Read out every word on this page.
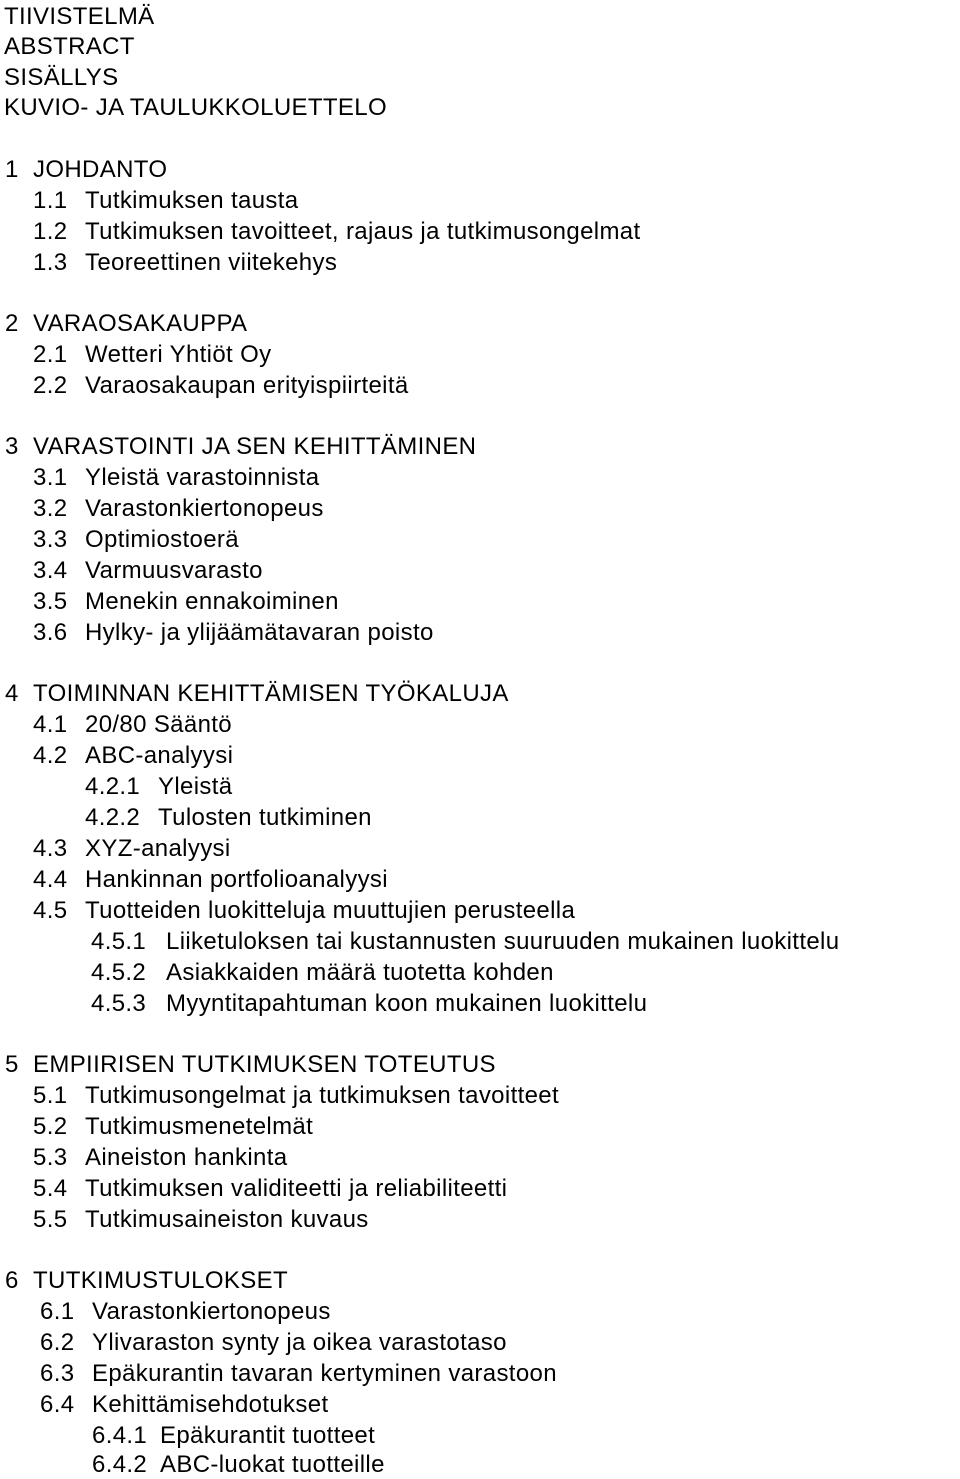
TIIVISTELMÄ
ABSTRACT
SISÄLLYS
KUVIO- JA TAULUKKOLUETTELO
1 JOHDANTO
1.1 Tutkimuksen tausta
1.2 Tutkimuksen tavoitteet, rajaus ja tutkimusongelmat
1.3 Teoreettinen viitekehys
2 VARAOSAKAUPPA
2.1 Wetteri Yhtiöt Oy
2.2 Varaosakaupan erityispiirteitä
3 VARASTOINTI JA SEN KEHITTÄMINEN
3.1 Yleistä varastoinnista
3.2 Varastonkiertonopeus
3.3 Optimiostoerä
3.4 Varmuusvarasto
3.5 Menekin ennakoiminen
3.6 Hylky- ja ylijäämätavaran poisto
4 TOIMINNAN KEHITTÄMISEN TYÖKALUJA
4.1 20/80 Sääntö
4.2 ABC-analyysi
4.2.1 Yleistä
4.2.2 Tulosten tutkiminen
4.3 XYZ-analyysi
4.4 Hankinnan portfolioanalyysi
4.5 Tuotteiden luokitteluja muuttujien perusteella
4.5.1 Liiketuloksen tai kustannusten suuruuden mukainen luokittelu
4.5.2 Asiakkaiden määrä tuotetta kohden
4.5.3 Myyntitapahtuman koon mukainen luokittelu
5 EMPIIRISEN TUTKIMUKSEN TOTEUTUS
5.1 Tutkimusongelmat ja tutkimuksen tavoitteet
5.2 Tutkimusmenetelmät
5.3 Aineiston hankinta
5.4 Tutkimuksen validiteetti ja reliabiliteetti
5.5 Tutkimusaineiston kuvaus
6 TUTKIMUSTULOKSET
6.1 Varastonkiertonopeus
6.2 Ylivaraston synty ja oikea varastotaso
6.3 Epäkurantin tavaran kertyminen varastoon
6.4 Kehittämisehdotukset
6.4.1 Epäkurantit tuotteet
6.4.2 ABC-luokat tuotteille
